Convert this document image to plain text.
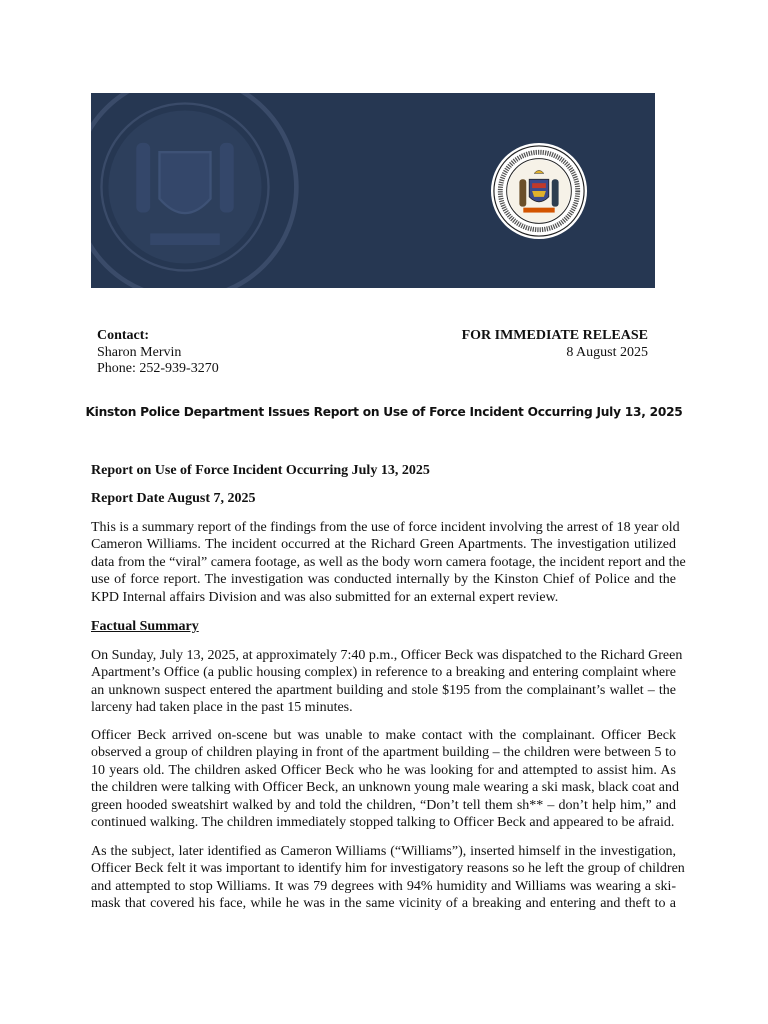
Contact:
Sharon Mervin
Phone: 252-939-3270
FOR IMMEDIATE RELEASE
8 August 2025
Kinston Police Department Issues Report on Use of Force Incident Occurring July 13, 2025
Report on Use of Force Incident Occurring July 13, 2025
Report Date August 7, 2025
This is a summary report of the findings from the use of force incident involving the arrest of 18 year old
Cameron Williams. The incident occurred at the Richard Green Apartments. The investigation utilized
data from the “viral” camera footage, as well as the body worn camera footage, the incident report and the
use of force report. The investigation was conducted internally by the Kinston Chief of Police and the
KPD Internal affairs Division and was also submitted for an external expert review.
Factual Summary
On Sunday, July 13, 2025, at approximately 7:40 p.m., Officer Beck was dispatched to the Richard Green
Apartment’s Office (a public housing complex) in reference to a breaking and entering complaint where
an unknown suspect entered the apartment building and stole $195 from the complainant’s wallet – the
larceny had taken place in the past 15 minutes.
Officer Beck arrived on-scene but was unable to make contact with the complainant. Officer Beck
observed a group of children playing in front of the apartment building – the children were between 5 to
10 years old. The children asked Officer Beck who he was looking for and attempted to assist him. As
the children were talking with Officer Beck, an unknown young male wearing a ski mask, black coat and
green hooded sweatshirt walked by and told the children, “Don’t tell them sh** – don’t help him,” and
continued walking. The children immediately stopped talking to Officer Beck and appeared to be afraid.
As the subject, later identified as Cameron Williams (“Williams”), inserted himself in the investigation,
Officer Beck felt it was important to identify him for investigatory reasons so he left the group of children
and attempted to stop Williams. It was 79 degrees with 94% humidity and Williams was wearing a ski-
mask that covered his face, while he was in the same vicinity of a breaking and entering and theft to a
